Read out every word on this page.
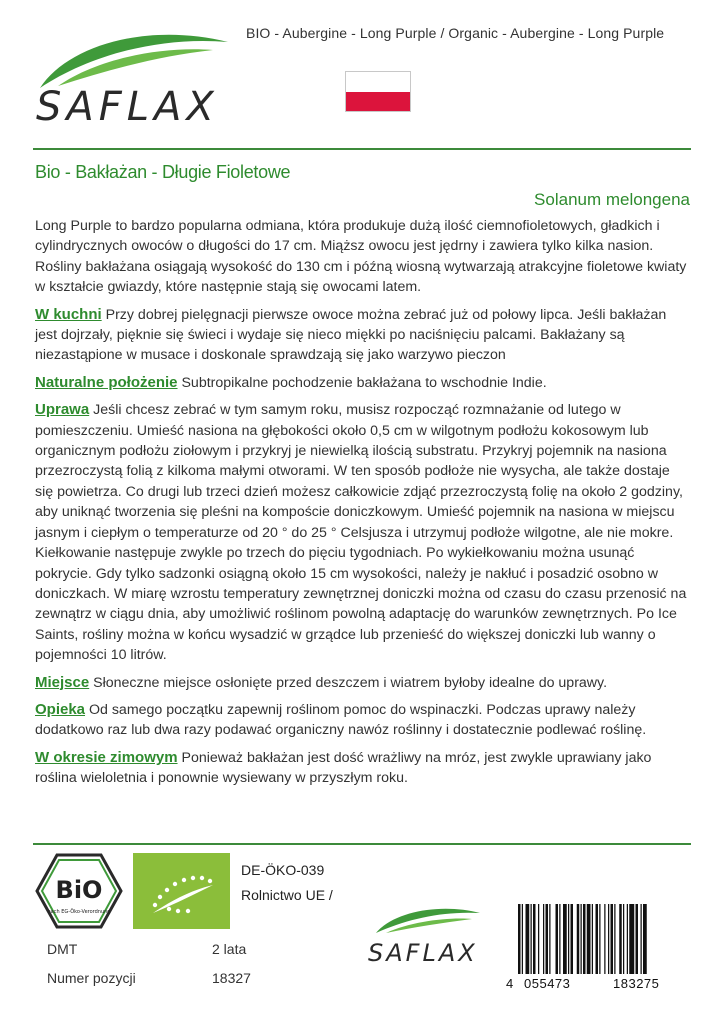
SAFLAX
BIO - Aubergine - Long Purple / Organic - Aubergine - Long Purple
Bio - Bakłażan - Długie Fioletowe
Solanum melongena

Long Purple to bardzo popularna odmiana, która produkuje dużą ilość ciemnofioletowych, gładkich i cylindrycznych owoców o długości do 17 cm. Miąższ owocu jest jędrny i zawiera tylko kilka nasion. Rośliny bakłażana osiągają wysokość do 130 cm i późną wiosną wytwarzają atrakcyjne fioletowe kwiaty w kształcie gwiazdy, które następnie stają się owocami latem.

W kuchni Przy dobrej pielęgnacji pierwsze owoce można zebrać już od połowy lipca. Jeśli bakłażan jest dojrzały, pięknie się świeci i wydaje się nieco miękki po naciśnięciu palcami. Bakłażany są niezastąpione w musace i doskonale sprawdzają się jako warzywo pieczon

Naturalne położenie Subtropikalne pochodzenie bakłażana to wschodnie Indie.

Uprawa Jeśli chcesz zebrać w tym samym roku, musisz rozpocząć rozmnażanie od lutego w pomieszczeniu. Umieść nasiona na głębokości około 0,5 cm w wilgotnym podłożu kokosowym lub organicznym podłożu ziołowym i przykryj je niewielką ilością substratu. Przykryj pojemnik na nasiona przezroczystą folią z kilkoma małymi otworami. W ten sposób podłoże nie wysycha, ale także dostaje się powietrza. Co drugi lub trzeci dzień możesz całkowicie zdjąć przezroczystą folię na około 2 godziny, aby uniknąć tworzenia się pleśni na kompoście doniczkowym. Umieść pojemnik na nasiona w miejscu jasnym i ciepłym o temperaturze od 20 ° do 25 ° Celsjusza i utrzymuj podłoże wilgotne, ale nie mokre. Kiełkowanie następuje zwykle po trzech do pięciu tygodniach. Po wykiełkowaniu można usunąć pokrycie. Gdy tylko sadzonki osiągną około 15 cm wysokości, należy je nakłuć i posadzić osobno w doniczkach. W miarę wzrostu temperatury zewnętrznej doniczki można od czasu do czasu przenosić na zewnątrz w ciągu dnia, aby umożliwić roślinom powolną adaptację do warunków zewnętrznych. Po Ice Saints, rośliny można w końcu wysadzić w grządce lub przenieść do większej doniczki lub wanny o pojemności 10 litrów.

Miejsce Słoneczne miejsce osłonięte przed deszczem i wiatrem byłoby idealne do uprawy.

Opieka Od samego początku zapewnij roślinom pomoc do wspinaczki. Podczas uprawy należy dodatkowo raz lub dwa razy podawać organiczny nawóz roślinny i dostatecznie podlewać roślinę.

W okresie zimowym Ponieważ bakłażan jest dość wrażliwy na mróz, jest zwykle uprawiany jako roślina wieloletnia i ponownie wysiewany w przyszłym roku.

BiO
nach EG-Öko-Verordnung
DE-ÖKO-039
Rolnictwo UE /
DMT	2 lata
Numer pozycji	18327
SAFLAX
4 055473	183275
